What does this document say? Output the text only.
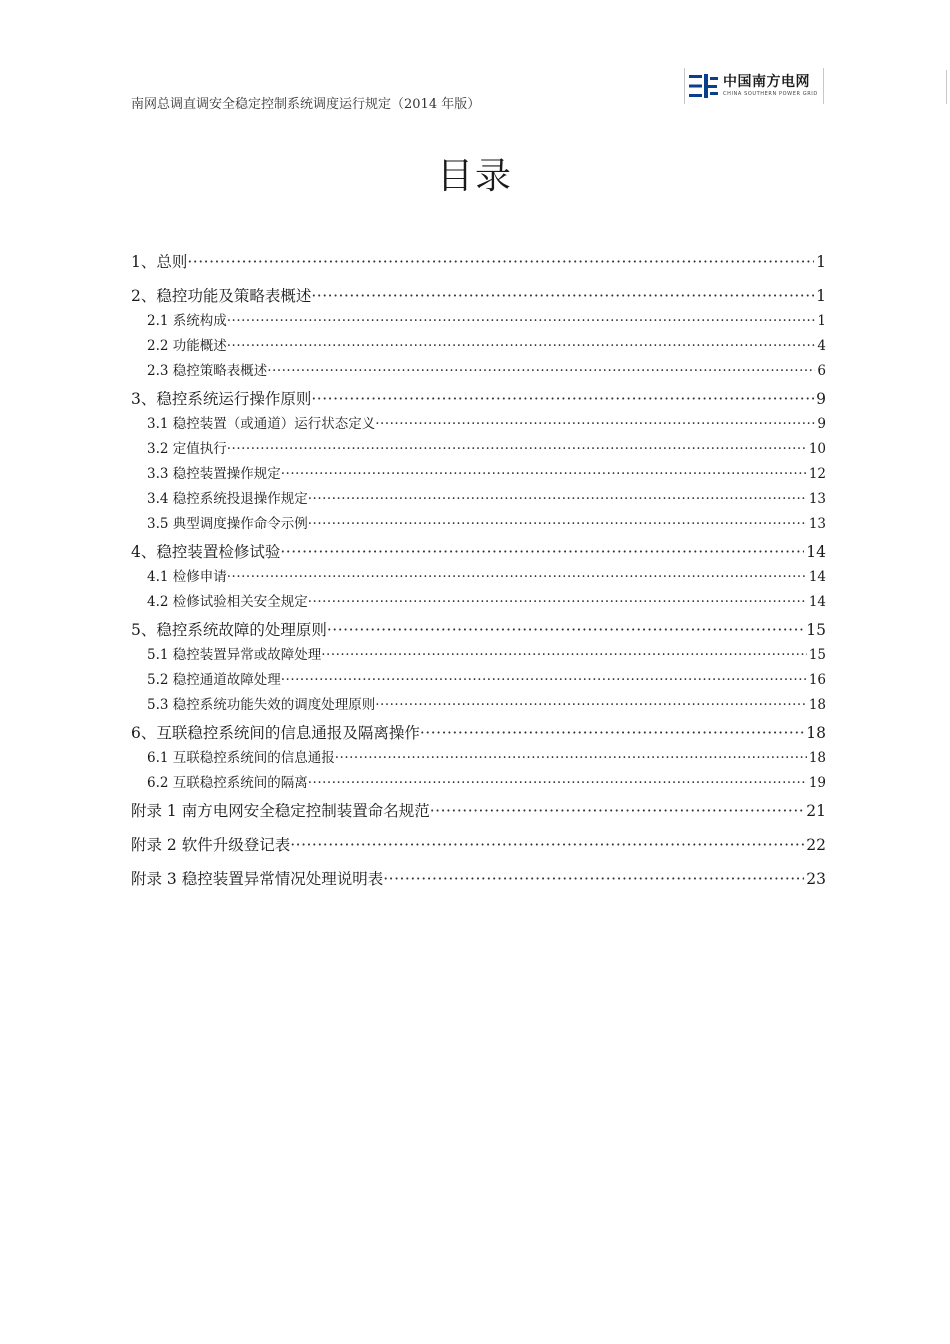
南网总调直调安全稳定控制系统调度运行规定（2014 年版）
中国南方电网
CHINA SOUTHERN POWER GRID
目录
1、总则 ·····	1
2、稳控功能及策略表概述 ·····	1
2.1 系统构成 ·····	1
2.2 功能概述 ·····	4
2.3 稳控策略表概述 ·····	6
3、稳控系统运行操作原则 ·····	9
3.1 稳控装置（或通道）运行状态定义 ·····	9
3.2 定值执行 ·····	10
3.3 稳控装置操作规定 ·····	12
3.4 稳控系统投退操作规定 ·····	13
3.5 典型调度操作命令示例 ·····	13
4、稳控装置检修试验 ·····	14
4.1 检修申请 ·····	14
4.2 检修试验相关安全规定 ·····	14
5、稳控系统故障的处理原则 ·····	15
5.1 稳控装置异常或故障处理 ·····	15
5.2 稳控通道故障处理 ·····	16
5.3 稳控系统功能失效的调度处理原则 ·····	18
6、互联稳控系统间的信息通报及隔离操作 ·····	18
6.1 互联稳控系统间的信息通报 ·····	18
6.2 互联稳控系统间的隔离 ·····	19
附录 1 南方电网安全稳定控制装置命名规范 ·····	21
附录 2 软件升级登记表 ·····	22
附录 3 稳控装置异常情况处理说明表 ·····	23
